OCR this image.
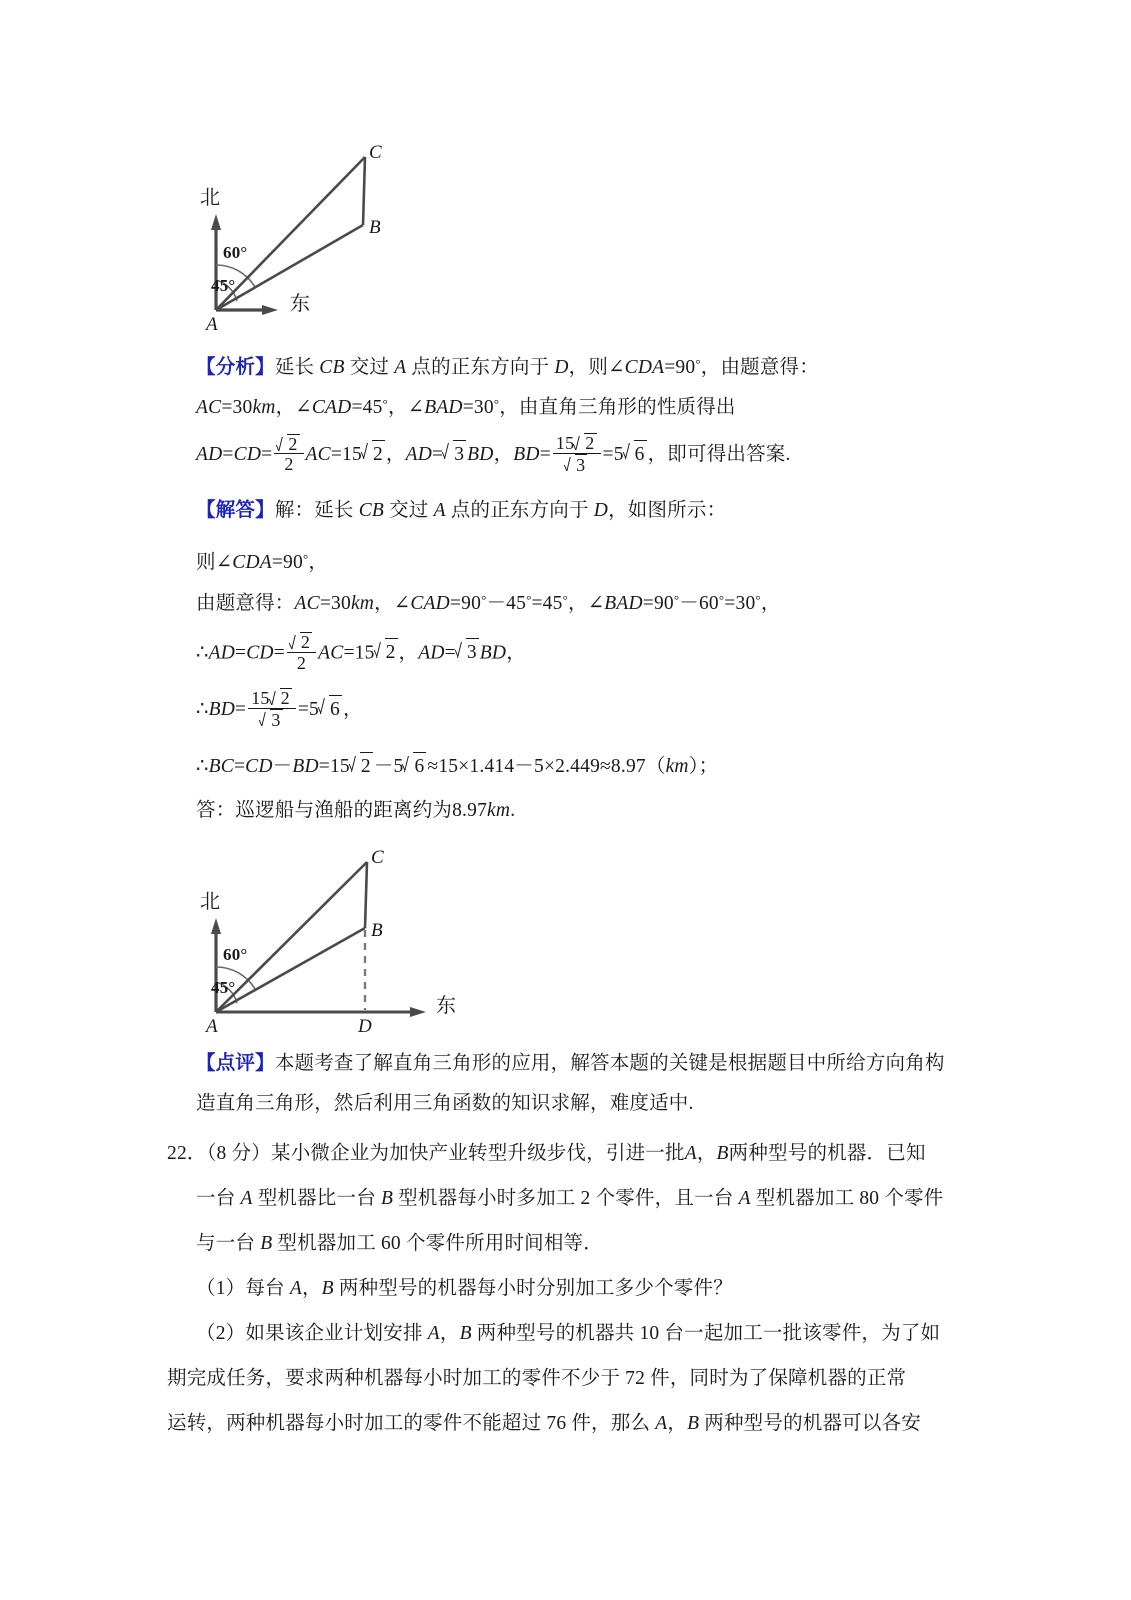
北
东
A
B
C
60°
45°
【分析】延长 CB 交过 A 点的正东方向于 D，则∠CDA=90°，由题意得：
AC=30km，∠CAD=45°，∠BAD=30°，由直角三角形的性质得出
$AD=CD= \frac{2}{2} AC=15$ 2 ，AD= 3 BD，$BD= \frac{15 2}{3} =5$ 6 ，即可得出答案.
【解答】解：延长 CB 交过 A 点的正东方向于 D，如图所示：
则∠CDA=90°，
由题意得：AC=30km，∠CAD=90°－45°=45°，∠BAD=90°－60°=30°，
∴AD=CD= $\frac{2}{2} AC=15$ 2 ，AD= 3 BD，
∴BD= $\frac{15 2}{3} =5$ 6 ，
∴BC=CD－BD=15 2 －5 6 ≈15×1.414－5×2.449≈8.97（km）；
答：巡逻船与渔船的距离约为8.97km.
北
东
A
B
C
D
60°
45°
【点评】本题考查了解直角三角形的应用，解答本题的关键是根据题目中所给方向角构
造直角三角形，然后利用三角函数的知识求解，难度适中.
22．（8 分）某小微企业为加快产业转型升级步伐，引进一批A，B两种型号的机器．已知
一台 A 型机器比一台 B 型机器每小时多加工 2 个零件，且一台 A 型机器加工 80 个零件
与一台 B 型机器加工 60 个零件所用时间相等．
（1）每台 A，B 两种型号的机器每小时分别加工多少个零件？
（2）如果该企业计划安排 A，B 两种型号的机器共 10 台一起加工一批该零件，为了如
期完成任务，要求两种机器每小时加工的零件不少于 72 件，同时为了保障机器的正常
运转，两种机器每小时加工的零件不能超过 76 件，那么 A，B 两种型号的机器可以各安
